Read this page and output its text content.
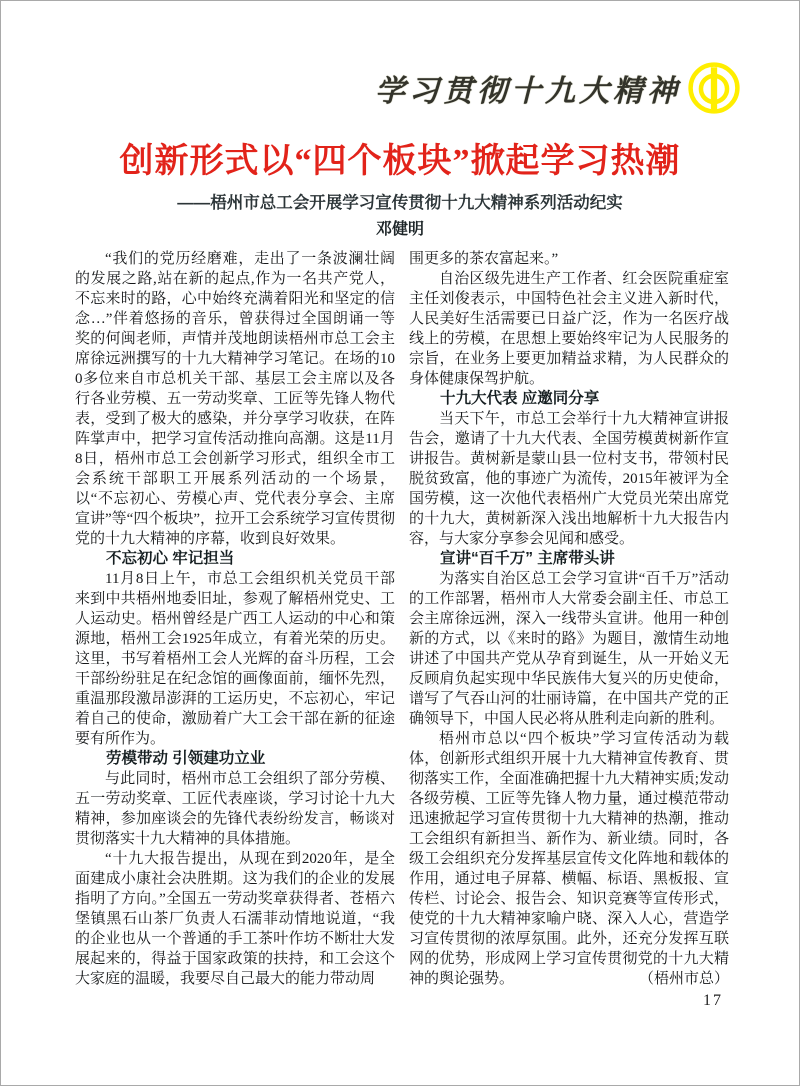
学习贯彻十九大精神
创新形式以“四个板块”掀起学习热潮
——梧州市总工会开展学习宣传贯彻十九大精神系列活动纪实
邓健明

“我们的党历经磨难，走出了一条波澜壮阔的发展之路,站在新的起点,作为一名共产党人，不忘来时的路，心中始终充满着阳光和坚定的信念…”伴着悠扬的音乐，曾获得过全国朗诵一等奖的何闽老师，声情并茂地朗读梧州市总工会主席徐远洲撰写的十九大精神学习笔记。在场的100多位来自市总机关干部、基层工会主席以及各行各业劳模、五一劳动奖章、工匠等先锋人物代表，受到了极大的感染，并分享学习收获，在阵阵掌声中，把学习宣传活动推向高潮。这是11月8日，梧州市总工会创新学习形式，组织全市工会系统干部职工开展系列活动的一个场景，以“不忘初心、劳模心声、党代表分享会、主席宣讲”等“四个板块”，拉开工会系统学习宣传贯彻党的十九大精神的序幕，收到良好效果。

不忘初心 牢记担当

11月8日上午，市总工会组织机关党员干部来到中共梧州地委旧址，参观了解梧州党史、工人运动史。梧州曾经是广西工人运动的中心和策源地，梧州工会1925年成立，有着光荣的历史。这里，书写着梧州工会人光辉的奋斗历程，工会干部纷纷驻足在纪念馆的画像面前，缅怀先烈，重温那段激昂澎湃的工运历史，不忘初心，牢记着自己的使命，激励着广大工会干部在新的征途要有所作为。

劳模带动 引领建功立业

与此同时，梧州市总工会组织了部分劳模、五一劳动奖章、工匠代表座谈，学习讨论十九大精神，参加座谈会的先锋代表纷纷发言，畅谈对贯彻落实十九大精神的具体措施。

“十九大报告提出，从现在到2020年，是全面建成小康社会决胜期。这为我们的企业的发展指明了方向。”全国五一劳动奖章获得者、苍梧六堡镇黑石山茶厂负责人石濡菲动情地说道，“我的企业也从一个普通的手工茶叶作坊不断壮大发展起来的，得益于国家政策的扶持，和工会这个大家庭的温暖，我要尽自己最大的能力带动周

围更多的茶农富起来。”

自治区级先进生产工作者、红会医院重症室主任刘俊表示，中国特色社会主义进入新时代，人民美好生活需要已日益广泛，作为一名医疗战线上的劳模，在思想上要始终牢记为人民服务的宗旨，在业务上要更加精益求精，为人民群众的身体健康保驾护航。

十九大代表 应邀同分享

当天下午，市总工会举行十九大精神宣讲报告会，邀请了十九大代表、全国劳模黄树新作宣讲报告。黄树新是蒙山县一位村支书，带领村民脱贫致富，他的事迹广为流传，2015年被评为全国劳模，这一次他代表梧州广大党员光荣出席党的十九大，黄树新深入浅出地解析十九大报告内容，与大家分享参会见闻和感受。

宣讲“百千万” 主席带头讲

为落实自治区总工会学习宣讲“百千万”活动的工作部署，梧州市人大常委会副主任、市总工会主席徐远洲，深入一线带头宣讲。他用一种创新的方式，以《来时的路》为题目，激情生动地讲述了中国共产党从孕育到诞生，从一开始义无反顾肩负起实现中华民族伟大复兴的历史使命，谱写了气吞山河的壮丽诗篇，在中国共产党的正确领导下，中国人民必将从胜利走向新的胜利。

梧州市总以“四个板块”学习宣传活动为载体，创新形式组织开展十九大精神宣传教育、贯彻落实工作，全面准确把握十九大精神实质;发动各级劳模、工匠等先锋人物力量，通过模范带动迅速掀起学习宣传贯彻十九大精神的热潮，推动工会组织有新担当、新作为、新业绩。同时，各级工会组织充分发挥基层宣传文化阵地和载体的作用，通过电子屏幕、横幅、标语、黑板报、宣传栏、讨论会、报告会、知识竞赛等宣传形式，使党的十九大精神家喻户晓、深入人心，营造学习宣传贯彻的浓厚氛围。此外，还充分发挥互联网的优势，形成网上学习宣传贯彻党的十九大精神的舆论强势。	（梧州市总）

17
